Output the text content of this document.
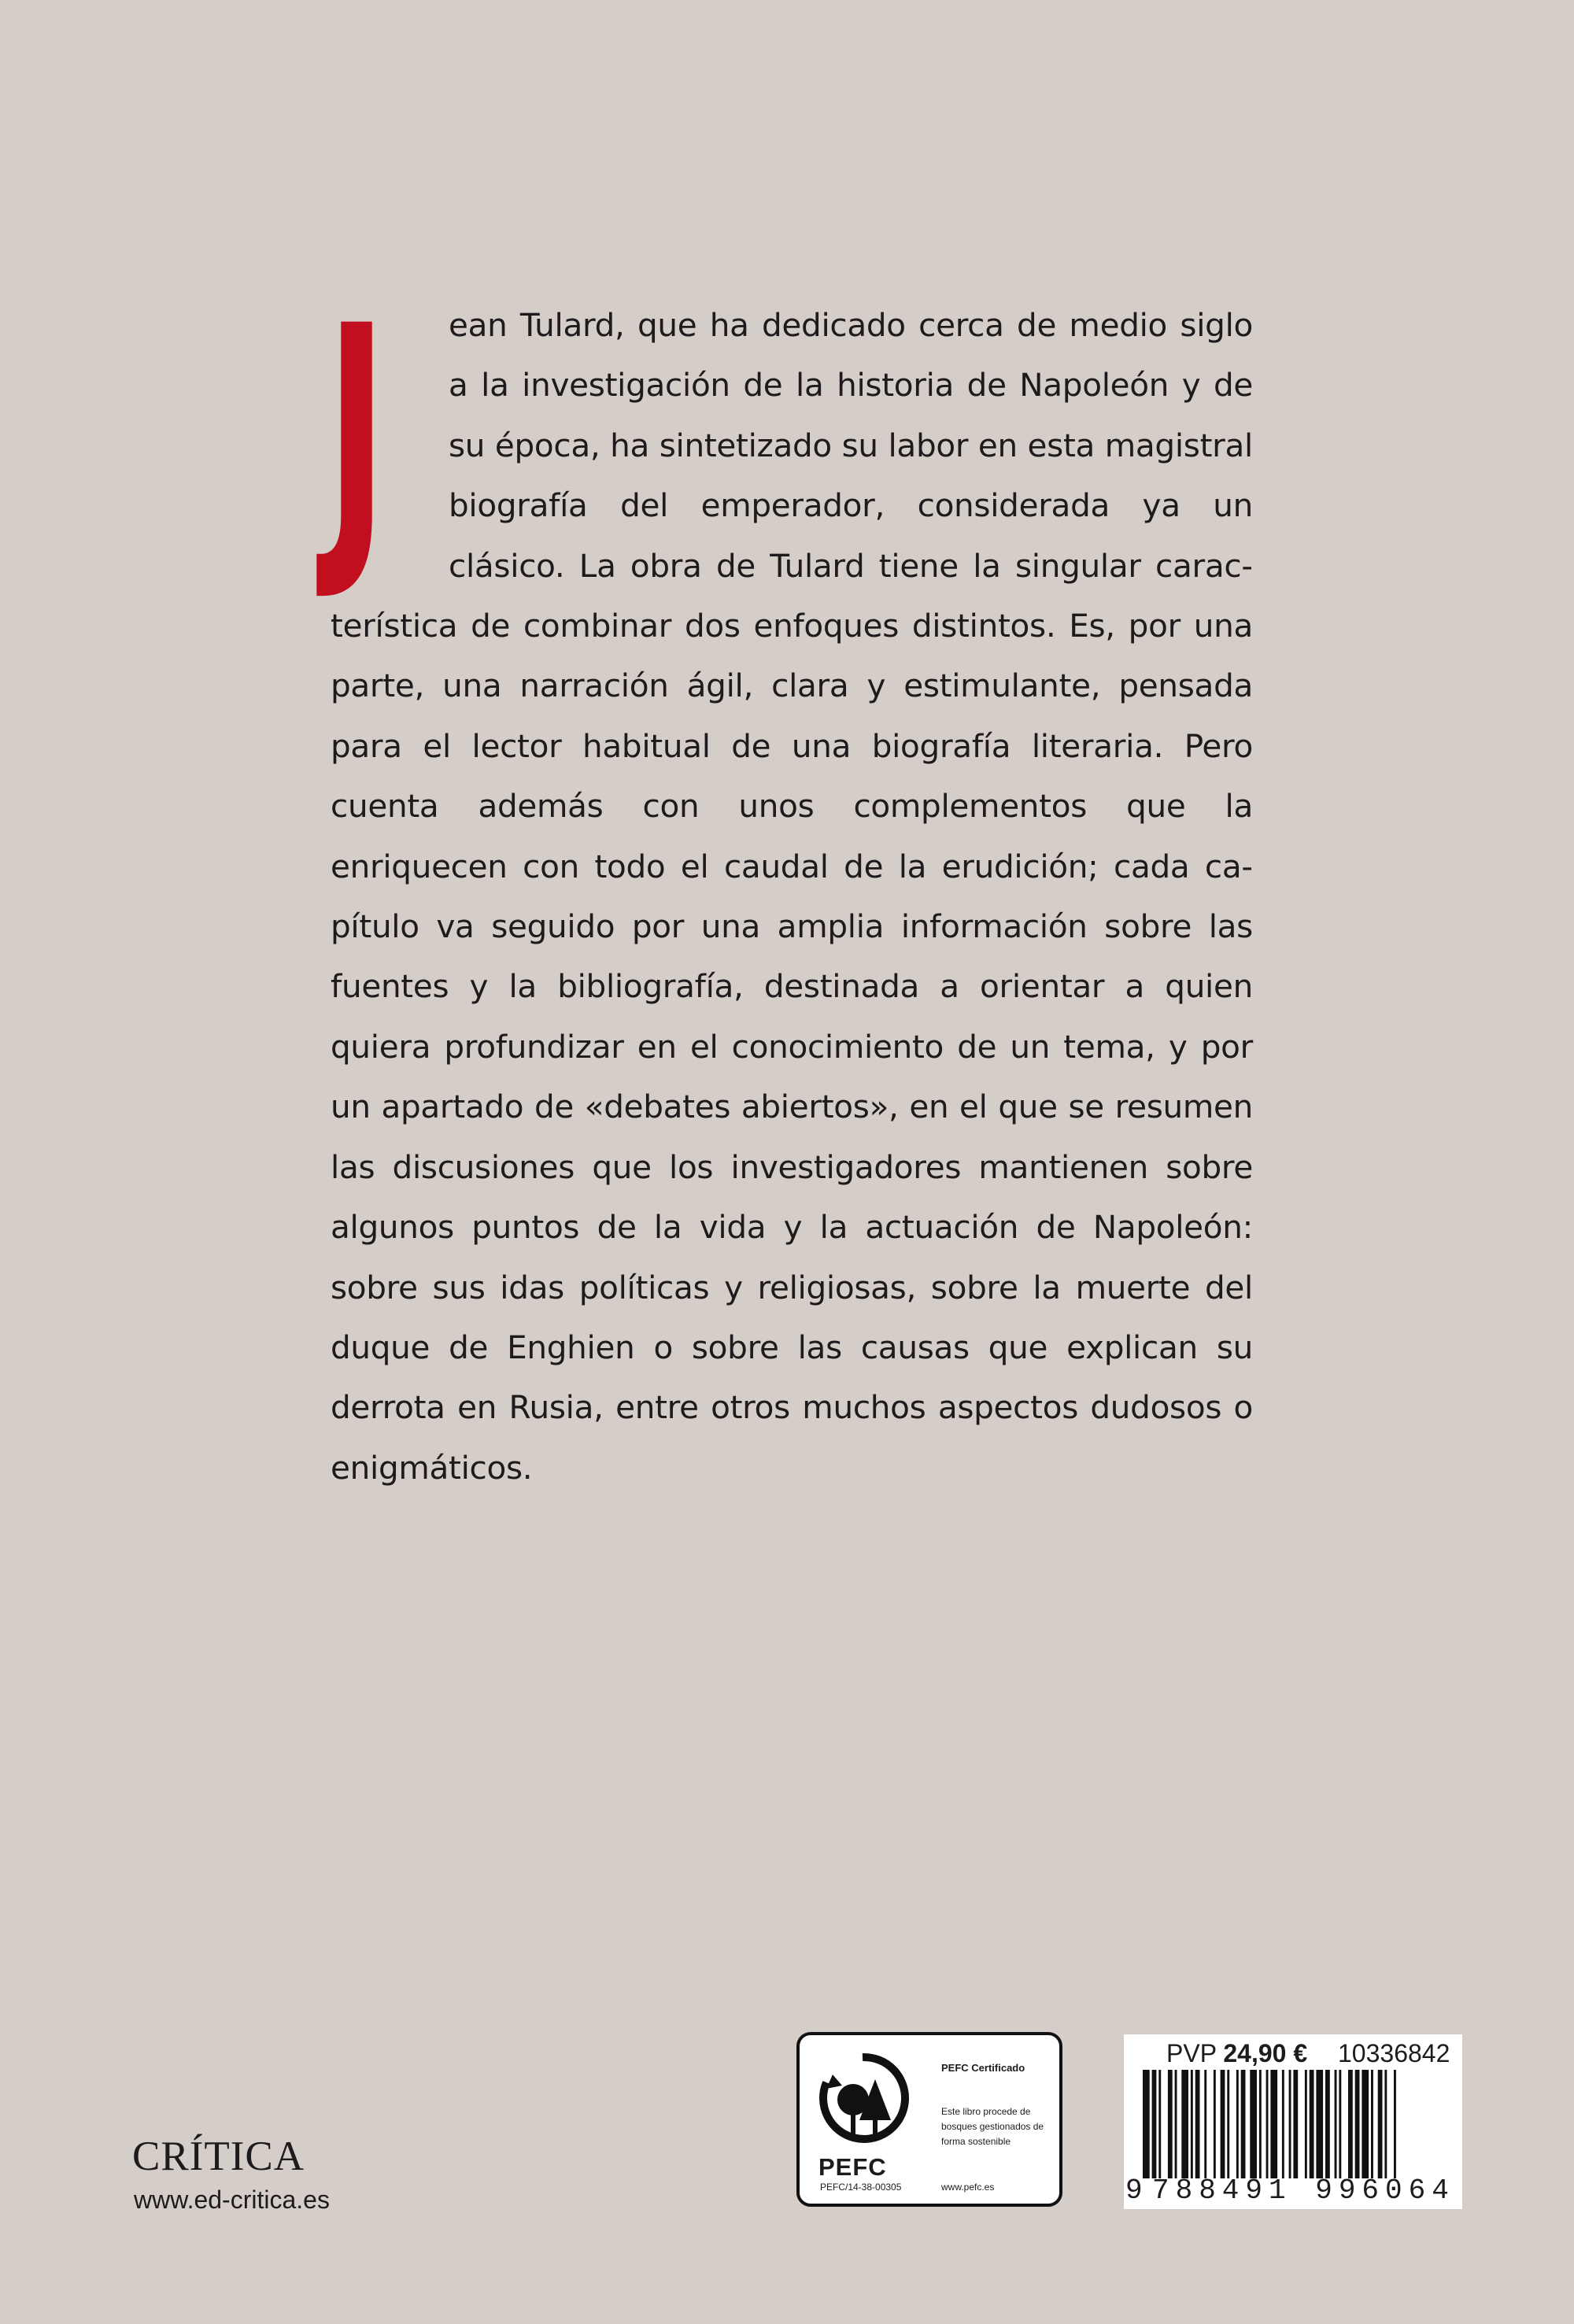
J ean Tulard, que ha dedicado cerca de medio siglo a la investigación de la historia de Napoleón y de su época, ha sintetizado su labor en esta magistral biografía del emperador, considerada ya un clásico. La obra de Tulard tiene la singular característica de combinar dos enfoques distintos. Es, por una parte, una narración ágil, clara y estimulante, pensada para el lector habitual de una biografía literaria. Pero cuenta además con unos complementos que la enriquecen con todo el caudal de la erudición; cada capítulo va seguido por una amplia información sobre las fuentes y la bibliografía, destinada a orientar a quien quiera profundizar en el conocimiento de un tema, y por un apartado de «debates abiertos», en el que se resumen las discusiones que los investigadores mantienen sobre algunos puntos de la vida y la actuación de Napoleón: sobre sus idas políticas y religiosas, sobre la muerte del duque de Enghien o sobre las causas que explican su derrota en Rusia, entre otros muchos aspectos dudosos o enigmáticos.
CRÍTICA
www.ed-critica.es
PEFC
PEFC/14-38-00305
PEFC Certificado
Este libro procede de bosques gestionados de forma sostenible
www.pefc.es
PVP 24,90 € 10336842
9 788491 996064
